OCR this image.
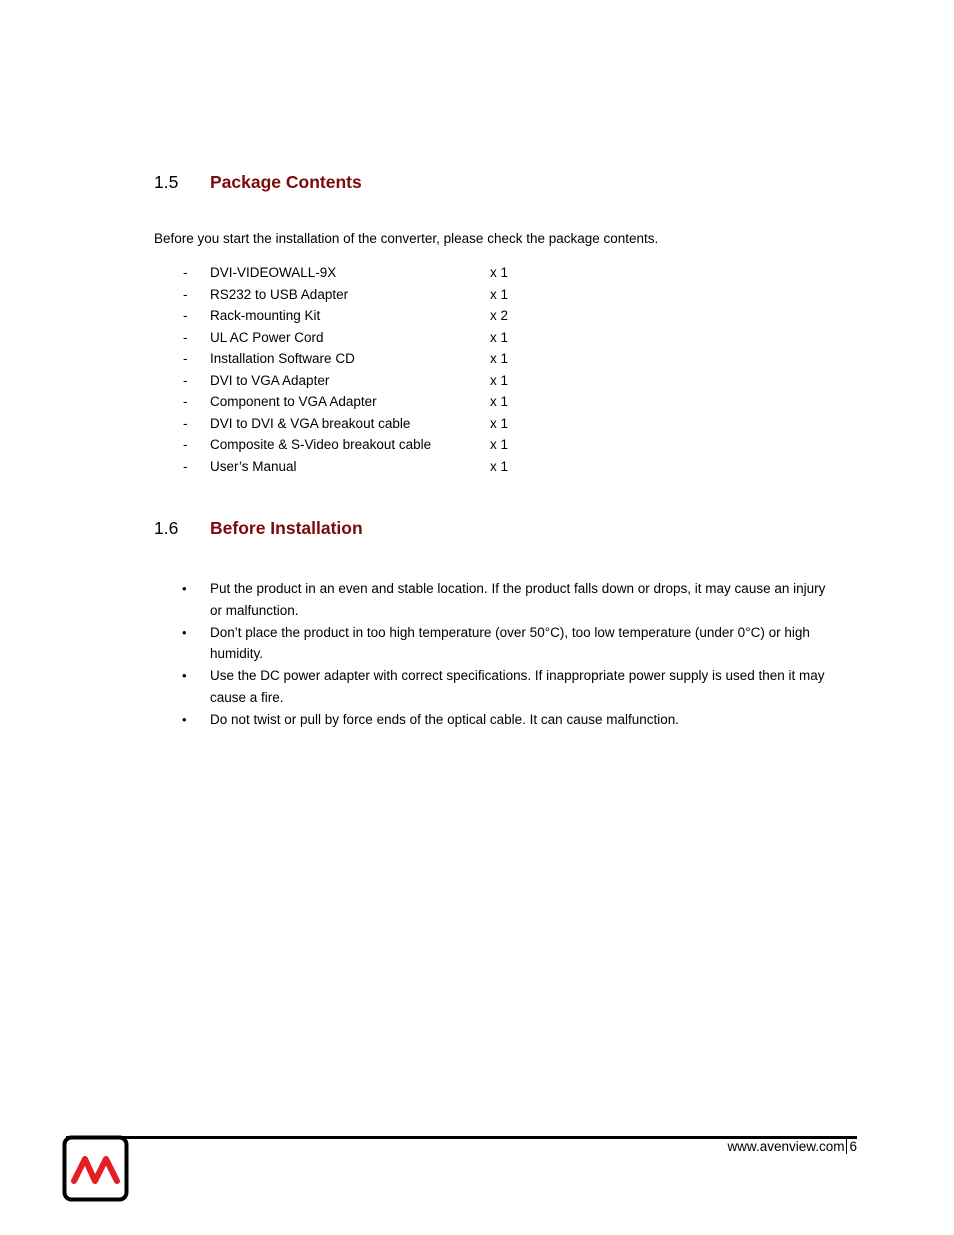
1.5 Package Contents
Before you start the installation of the converter, please check the package contents.
- DVI-VIDEOWALL-9X	x 1
- RS232 to USB Adapter	x 1
- Rack-mounting Kit	x 2
- UL AC Power Cord	x 1
- Installation Software CD	x 1
- DVI to VGA Adapter	x 1
- Component to VGA Adapter	x 1
- DVI to DVI & VGA breakout cable	x 1
- Composite & S-Video breakout cable	x 1
- User’s Manual	x 1
1.6 Before Installation
• Put the product in an even and stable location. If the product falls down or drops, it may cause an injury or malfunction.
• Don’t place the product in too high temperature (over 50°C), too low temperature (under 0°C) or high humidity.
• Use the DC power adapter with correct specifications. If inappropriate power supply is used then it may cause a fire.
• Do not twist or pull by force ends of the optical cable. It can cause malfunction.
www.avenview.com 6
